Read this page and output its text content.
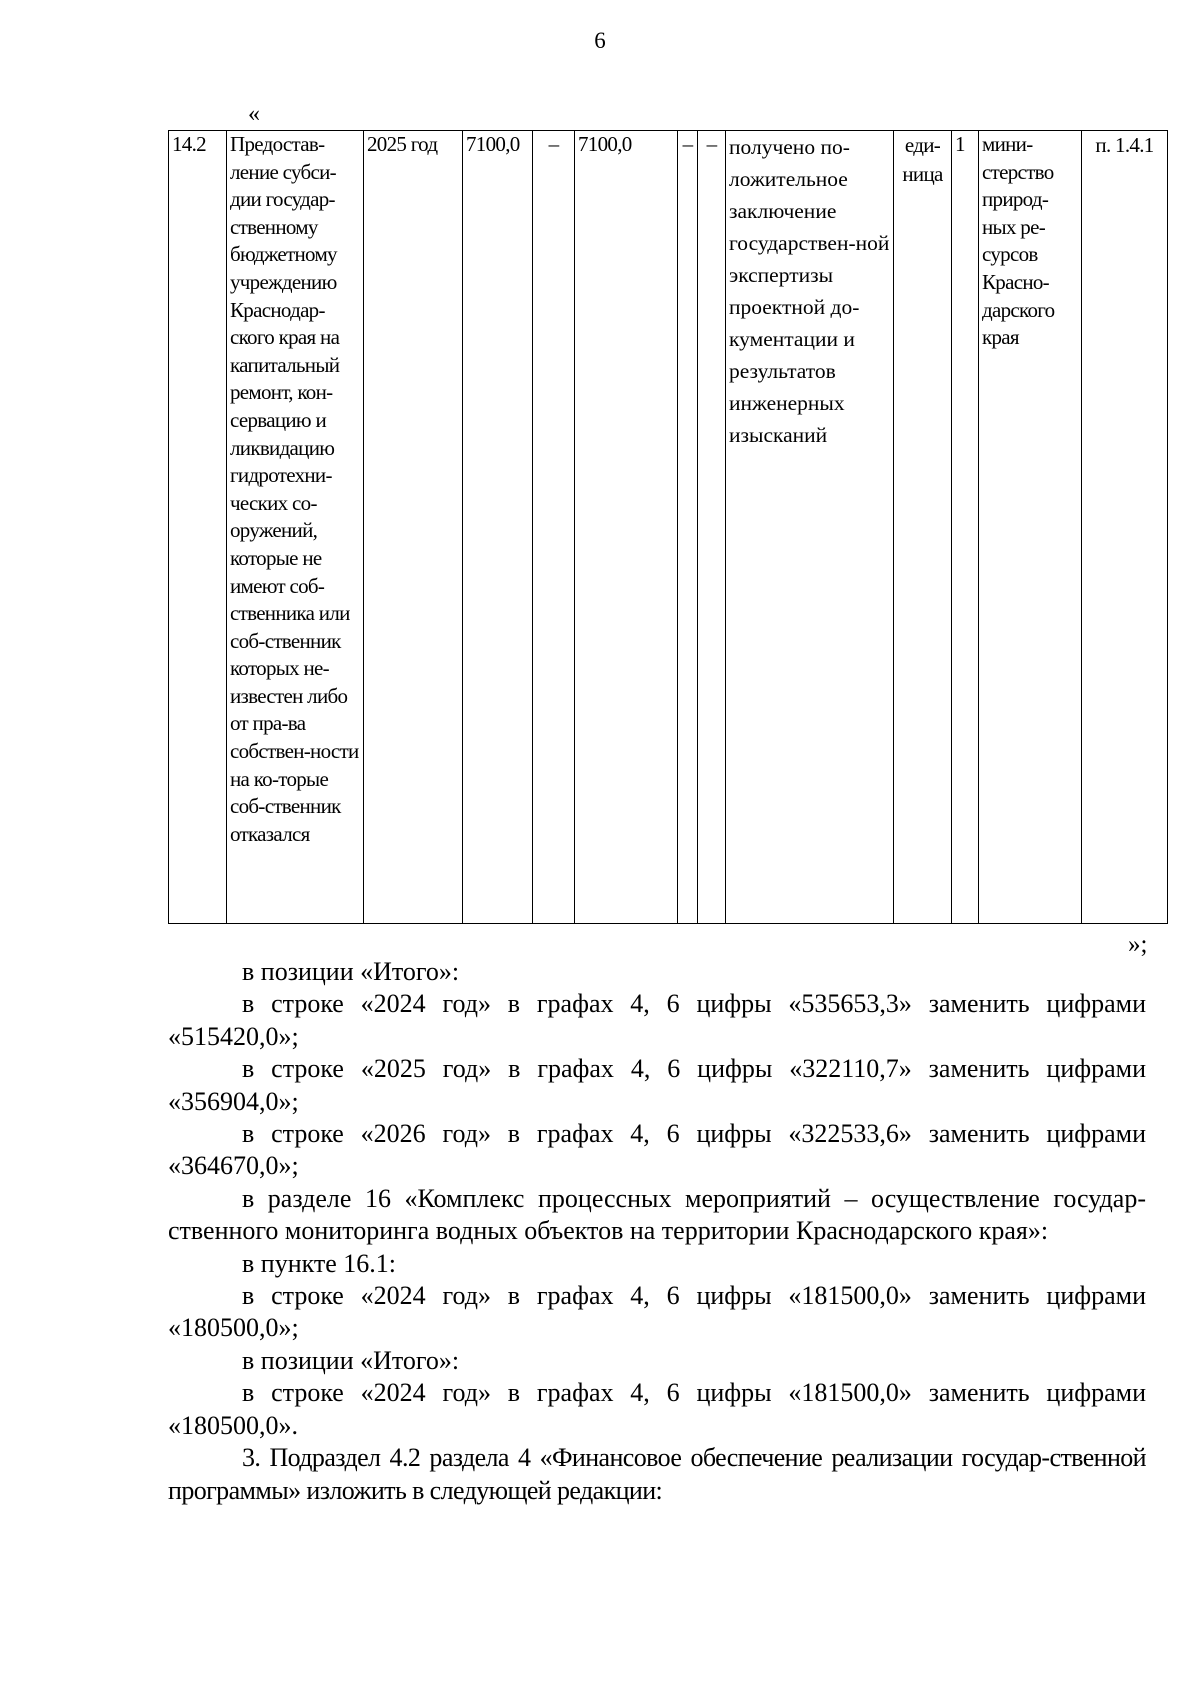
6
«
14.2	Предостав-ление субси-дии государ-ственному бюджетному учреждению Краснодар-ского края на капитальный ремонт, кон-сервацию и ликвидацию гидротехни-ческих со-оружений, которые не имеют соб-ственника или соб-ственник которых не-известен либо от пра-ва собствен-ности на ко-торые соб-ственник отказался	2025 год	7100,0	–	7100,0	–	–	получено по-ложительное заключение государствен-ной экспертизы проектной до-кументации и результатов инженерных изысканий	еди-ница	1	мини-стерство природ-ных ре-сурсов Красно-дарского края	п. 1.4.1
»;

в позиции «Итого»:

в строке «2024 год» в графах 4, 6 цифры «535653,3» заменить цифрами «515420,0»;

в строке «2025 год» в графах 4, 6 цифры «322110,7» заменить цифрами «356904,0»;

в строке «2026 год» в графах 4, 6 цифры «322533,6» заменить цифрами «364670,0»;

в разделе 16 «Комплекс процессных мероприятий – осуществление государ-ственного мониторинга водных объектов на территории Краснодарского края»:

в пункте 16.1:

в строке «2024 год» в графах 4, 6 цифры «181500,0» заменить цифрами «180500,0»;

в позиции «Итого»:

в строке «2024 год» в графах 4, 6 цифры «181500,0» заменить цифрами «180500,0».

3. Подраздел 4.2 раздела 4 «Финансовое обеспечение реализации государ-ственной программы» изложить в следующей редакции:
